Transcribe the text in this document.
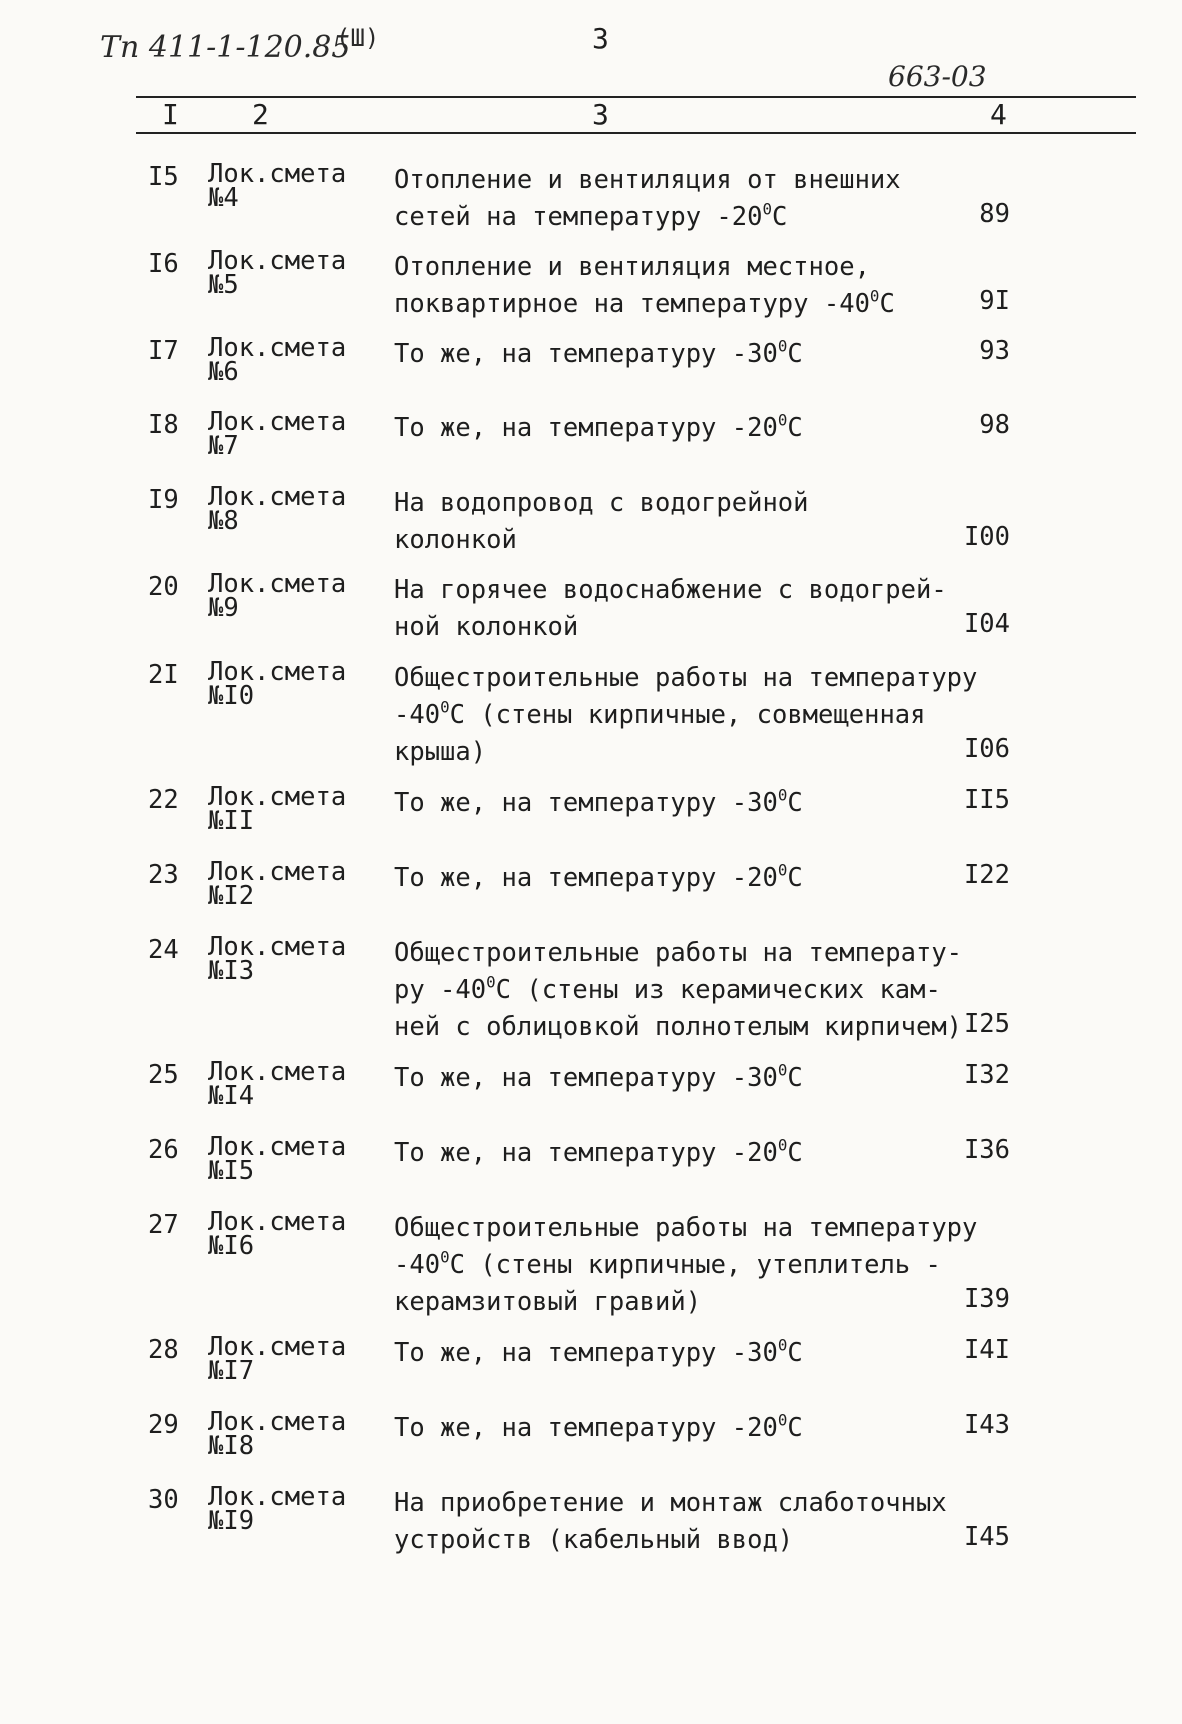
Тп 411-1-120.85
(Ш)	3
663-03
I	2	3	4
I5 Лок.смета
№4
Отопление и вентиляция от внешних
сетей на температуру $-20^0С$	89
I6 Лок.смета
№5
Отопление и вентиляция местное,
поквартирное на температуру $-40^0С$	9I
I7 Лок.смета
№6
То же, на температуру $-30^0С$	93
I8 Лок.смета
№7
То же, на температуру $-20^0С$	98
I9 Лок.смета
№8
На водопровод с водогрейной
колонкой	I00
20 Лок.смета
№9
На горячее водоснабжение с водогрей-
ной колонкой	I04
2I Лок.смета
№I0
Общестроительные работы на температуру
$-40^0С$ (стены кирпичные, совмещенная
крыша)	I06
22 Лок.смета
№II
То же, на температуру $-30^0С$	II5
23 Лок.смета
№I2
То же, на температуру $-20^0С$	I22
24 Лок.смета
№I3
Общестроительные работы на температу-
ру $-40^0С$ (стены из керамических кам-
ней с облицовкой полнотелым кирпичем) I25
25 Лок.смета
№I4
То же, на температуру $-30^0С$	I32
26 Лок.смета
№I5
То же, на температуру $-20^0С$	I36
27 Лок.смета
№I6
Общестроительные работы на температуру
$-40^0С$ (стены кирпичные, утеплитель -
керамзитовый гравий)	I39
28 Лок.смета
№I7
То же, на температуру $-30^0С$	I4I
29 Лок.смета
№I8
То же, на температуру $-20^0С$	I43
30 Лок.смета
№I9
На приобретение и монтаж слаботочных
устройств (кабельный ввод)	I45
